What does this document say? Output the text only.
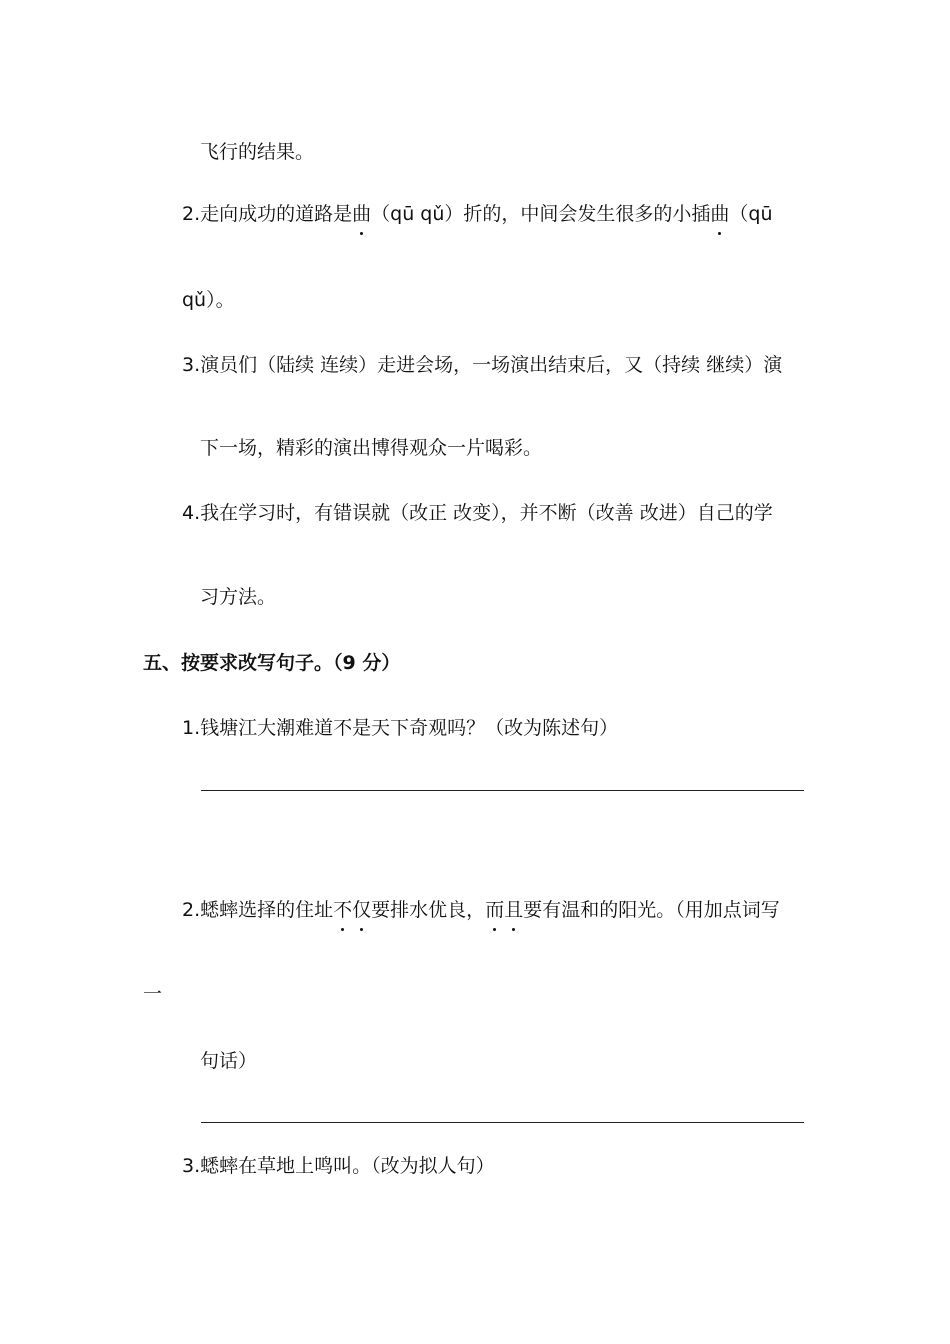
飞行的结果。
2.走向成功的道路是曲（qū qǔ）折的，中间会发生很多的小插曲（qū
qǔ）。
3.演员们（陆续 连续）走进会场，一场演出结束后，又（持续 继续）演
下一场，精彩的演出博得观众一片喝彩。
4.我在学习时，有错误就（改正 改变），并不断（改善 改进）自己的学
习方法。
五、按要求改写句子。（9 分）
1.钱塘江大潮难道不是天下奇观吗？（改为陈述句）
2.蟋蟀选择的住址不仅要排水优良，而且要有温和的阳光。（用加点词写
一
句话）
3.蟋蟀在草地上鸣叫。（改为拟人句）
